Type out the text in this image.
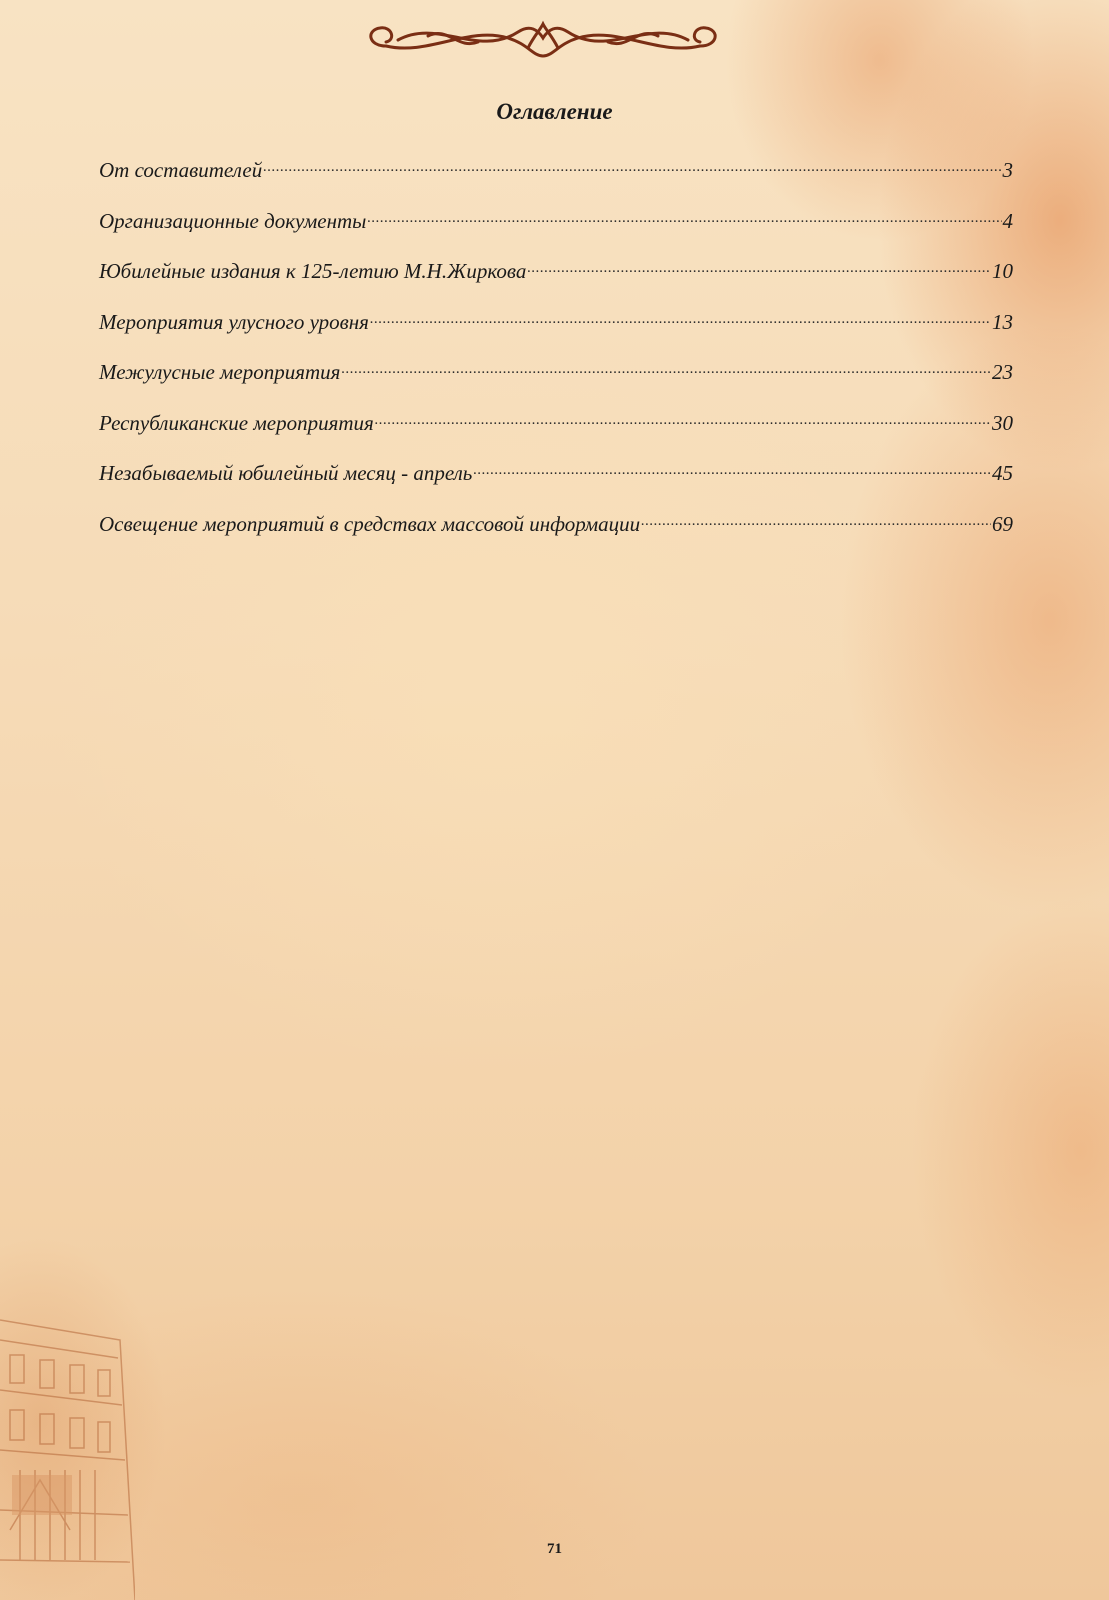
Оглавление
От составителей .....	3
Организационные документы .....	4
Юбилейные издания к 125-летию М.Н.Жиркова .....	10
Мероприятия улусного уровня .....	13
Межулусные мероприятия .....	23
Республиканские мероприятия .....	30
Незабываемый юбилейный месяц - апрель .....	45
Освещение мероприятий в средствах массовой информации .....	69
71
